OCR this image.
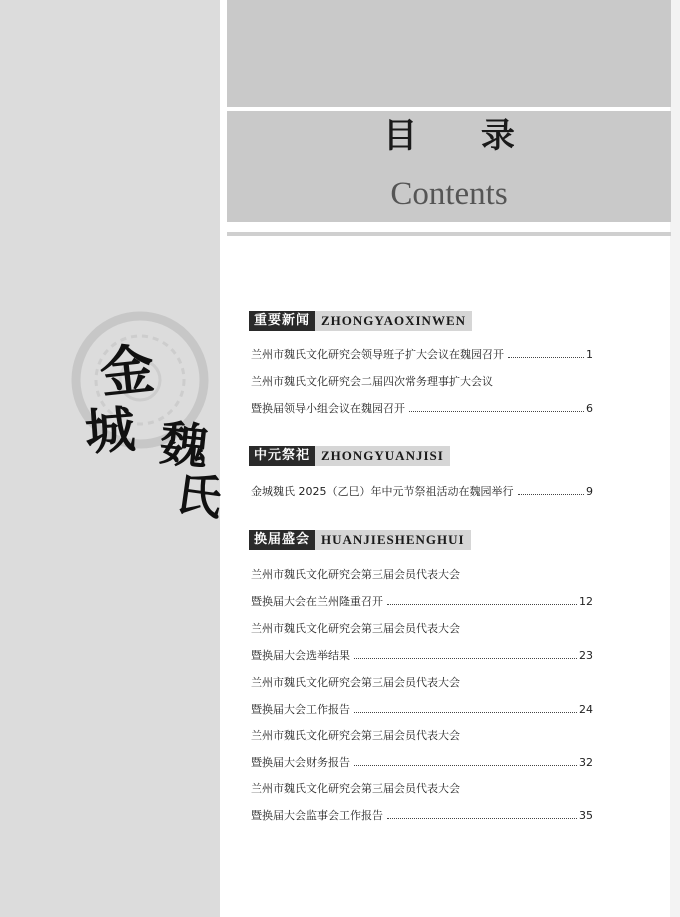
目 录
Contents
金
城 魏
氏
重要新闻 ZHONGYAOXINWEN
兰州市魏氏文化研究会领导班子扩大会议在魏园召开	1
兰州市魏氏文化研究会二届四次常务理事扩大会议
暨换届领导小组会议在魏园召开	6
中元祭祀 ZHONGYUANJISI
金城魏氏 2025（乙巳）年中元节祭祖活动在魏园举行	9
换届盛会 HUANJIESHENGHUI
兰州市魏氏文化研究会第三届会员代表大会
暨换届大会在兰州隆重召开	12
兰州市魏氏文化研究会第三届会员代表大会
暨换届大会选举结果	23
兰州市魏氏文化研究会第三届会员代表大会
暨换届大会工作报告	24
兰州市魏氏文化研究会第三届会员代表大会
暨换届大会财务报告	32
兰州市魏氏文化研究会第三届会员代表大会
暨换届大会监事会工作报告	35
